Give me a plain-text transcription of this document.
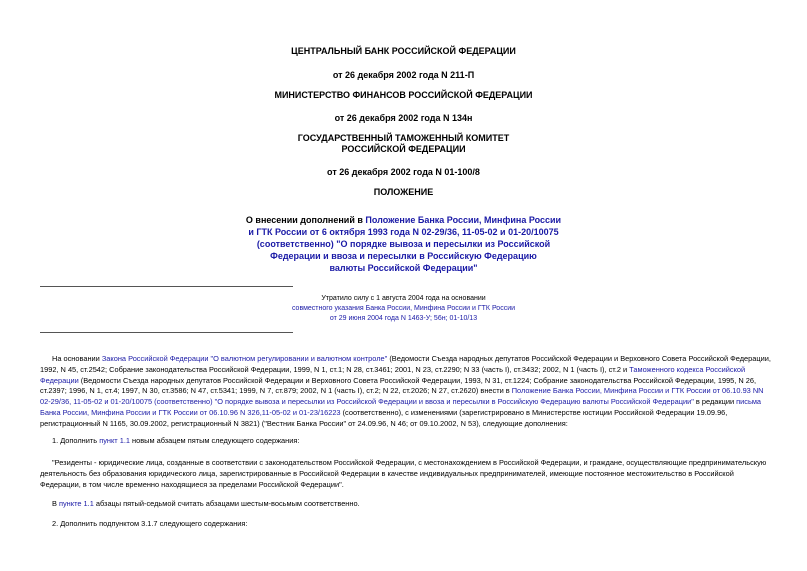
ЦЕНТРАЛЬНЫЙ БАНК РОССИЙСКОЙ ФЕДЕРАЦИИ
от 26 декабря 2002 года N 211-П
МИНИСТЕРСТВО ФИНАНСОВ РОССИЙСКОЙ ФЕДЕРАЦИИ
от 26 декабря 2002 года N 134н
ГОСУДАРСТВЕННЫЙ ТАМОЖЕННЫЙ КОМИТЕТ
РОССИЙСКОЙ ФЕДЕРАЦИИ
от 26 декабря 2002 года N 01-100/8
ПОЛОЖЕНИЕ
О внесении дополнений в Положение Банка России, Минфина России
и ГТК России от 6 октября 1993 года N 02-29/36, 11-05-02 и 01-20/10075
(соответственно) "О порядке вывоза и пересылки из Российской
Федерации и ввоза и пересылки в Российскую Федерацию
валюты Российской Федерации"
Утратило силу с 1 августа 2004 года на основании
совместного указания Банка России, Минфина России и ГТК России
от 29 июня 2004 года N 1463-У; 56н; 01-10/13
На основании Закона Российской Федерации "О валютном регулировании и валютном контроле" (Ведомости Съезда народных депутатов Российской Федерации и Верховного Совета Российской Федерации, 1992, N 45, ст.2542; Собрание законодательства Российской Федерации, 1999, N 1, ст.1; N 28, ст.3461; 2001, N 23, ст.2290; N 33 (часть I), ст.3432; 2002, N 1 (часть I), ст.2 и Таможенного кодекса Российской Федерации (Ведомости Съезда народных депутатов Российской Федерации и Верховного Совета Российской Федерации, 1993, N 31, ст.1224; Собрание законодательства Российской Федерации, 1995, N 26, ст.2397; 1996, N 1, ст.4; 1997, N 30, ст.3586; N 47, ст.5341; 1999, N 7, ст.879; 2002, N 1 (часть I), ст.2; N 22, ст.2026; N 27, ст.2620) внести в Положение Банка России, Минфина России и ГТК России от 06.10.93 NN 02-29/36, 11-05-02 и 01-20/10075 (соответственно) "О порядке вывоза и пересылки из Российской Федерации и ввоза и пересылки в Российскую Федерацию валюты Российской Федерации" в редакции письма Банка России, Минфина России и ГТК России от 06.10.96 N 326,11-05-02 и 01-23/16223 (соответственно), с изменениями (зарегистрировано в Министерстве юстиции Российской Федерации 19.09.96, регистрационный N 1165, 30.09.2002, регистрационный N 3821) ("Вестник Банка России" от 24.09.96, N 46; от 09.10.2002, N 53), следующие дополнения:
1. Дополнить пункт 1.1 новым абзацем пятым следующего содержания:
"Резиденты - юридические лица, созданные в соответствии с законодательством Российской Федерации, с местонахождением в Российской Федерации, и граждане, осуществляющие предпринимательскую деятельность без образования юридического лица, зарегистрированные в Российской Федерации в качестве индивидуальных предпринимателей, имеющие постоянное местожительство в Российской Федерации, в том числе временно находящиеся за пределами Российской Федерации".
В пункте 1.1 абзацы пятый-седьмой считать абзацами шестым-восьмым соответственно.
2. Дополнить подпунктом 3.1.7 следующего содержания:
